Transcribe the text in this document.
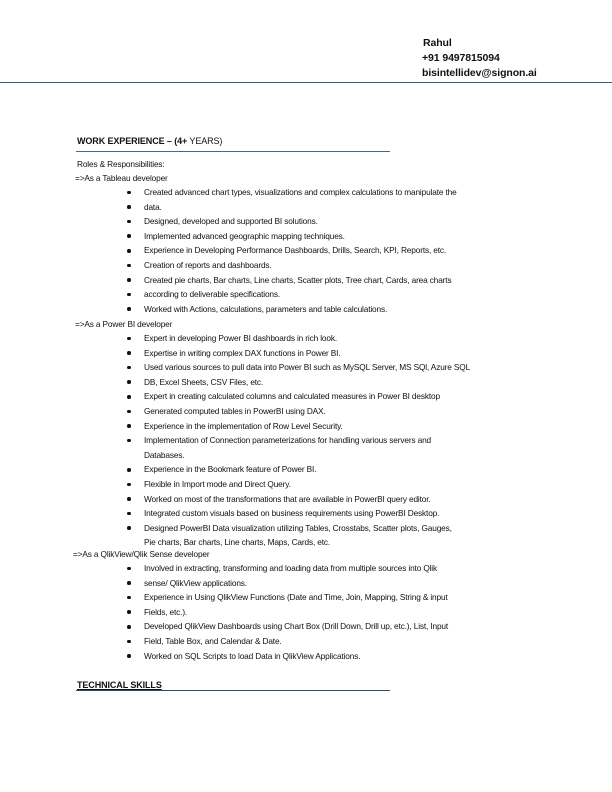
Rahul
+91 9497815094
bisintellidev@signon.ai
WORK EXPERIENCE – (4+ YEARS)
Roles & Responsibilities:
=>As a Tableau developer
Created advanced chart types, visualizations and complex calculations to manipulate the
data.
Designed, developed and supported BI solutions.
Implemented advanced geographic mapping techniques.
Experience in Developing Performance Dashboards, Drills, Search, KPI, Reports, etc.
Creation of reports and dashboards.
Created pie charts, Bar charts, Line charts, Scatter plots, Tree chart, Cards, area charts
according to deliverable specifications.
Worked with Actions, calculations, parameters and table calculations.
=>As a Power BI developer
Expert in developing Power BI dashboards in rich look.
Expertise in writing complex DAX functions in Power BI.
Used various sources to pull data into Power BI such as MySQL Server, MS SQl, Azure SQL
DB, Excel Sheets, CSV Files, etc.
Expert in creating calculated columns and calculated measures in Power BI desktop
Generated computed tables in PowerBI using DAX.
Experience in the implementation of Row Level Security.
Implementation of Connection parameterizations for handling various servers and
Databases.
Experience in the Bookmark feature of Power BI.
Flexible in Import mode and Direct Query.
Worked on most of the transformations that are available in PowerBI query editor.
Integrated custom visuals based on business requirements using PowerBI Desktop.
Designed PowerBI Data visualization utilizing Tables, Crosstabs, Scatter plots, Gauges,
Pie charts, Bar charts, Line charts, Maps, Cards, etc.
=>As a QlikView/Qlik Sense developer
Involved in extracting, transforming and loading data from multiple sources into Qlik
sense/ QlikView applications.
Experience in Using QlikView Functions (Date and Time, Join, Mapping, String & input
Fields, etc.).
Developed QlikView Dashboards using Chart Box (Drill Down, Drill up, etc.), List, Input
Field, Table Box, and Calendar & Date.
Worked on SQL Scripts to load Data in QlikView Applications.
TECHNICAL SKILLS
